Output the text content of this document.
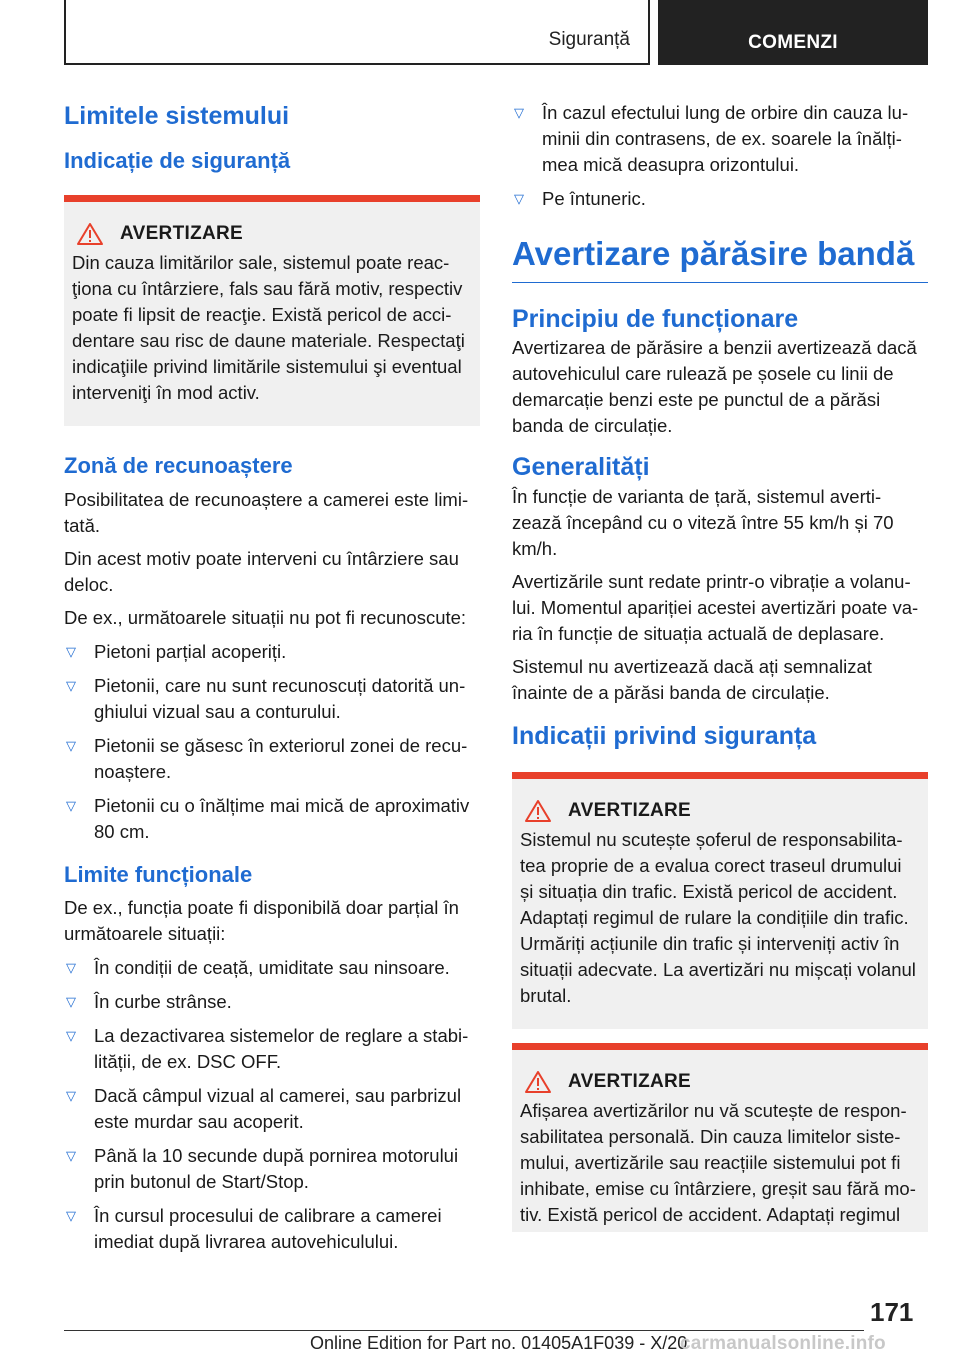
Siguranță	COMENZI
Limitele sistemului
Indicație de siguranță
AVERTIZARE

Din cauza limitărilor sale, sistemul poate reac-ţiona cu întârziere, fals sau fără motiv, respectiv poate fi lipsit de reacţie. Există pericol de acci-dentare sau risc de daune materiale. Respectaţi indicaţiile privind limitările sistemului şi eventual interveniţi în mod activ.

Zonă de recunoaștere

Posibilitatea de recunoaștere a camerei este limi-tată.

Din acest motiv poate interveni cu întârziere sau deloc.

De ex., următoarele situații nu pot fi recunoscute:

▽ Pietoni parțial acoperiți.
▽ Pietonii, care nu sunt recunoscuți datorită un-ghiului vizual sau a conturului.
▽ Pietonii se găsesc în exteriorul zonei de recu-noaștere.
▽ Pietonii cu o înălțime mai mică de aproximativ 80 cm.
Limite funcționale

De ex., funcția poate fi disponibilă doar parțial în următoarele situații:

▽ În condiții de ceață, umiditate sau ninsoare.
▽ În curbe strânse.
▽ La dezactivarea sistemelor de reglare a stabi-lității, de ex. DSC OFF.
▽ Dacă câmpul vizual al camerei, sau parbrizul este murdar sau acoperit.
▽ Până la 10 secunde după pornirea motorului prin butonul de Start/Stop.
▽ În cursul procesului de calibrare a camerei imediat după livrarea autovehiculului.
▽ În cazul efectului lung de orbire din cauza lu-minii din contrasens, de ex. soarele la înălți-mea mică deasupra orizontului.
▽ Pe întuneric.
Avertizare părăsire bandă
Principiu de funcționare

Avertizarea de părăsire a benzii avertizează dacă autovehiculul care rulează pe șosele cu linii de demarcație benzi este pe punctul de a părăsi banda de circulație.

Generalități

În funcție de varianta de țară, sistemul averti-zează începând cu o viteză între 55 km/h și 70 km/h.

Avertizările sunt redate printr-o vibrație a volanu-lui. Momentul apariției acestei avertizări poate va-ria în funcție de situația actuală de deplasare.

Sistemul nu avertizează dacă ați semnalizat înainte de a părăsi banda de circulație.

Indicații privind siguranța
AVERTIZARE

Sistemul nu scutește șoferul de responsabilita-tea proprie de a evalua corect traseul drumului și situația din trafic. Există pericol de accident. Adaptați regimul de rulare la condițiile din trafic. Urmăriți acțiunile din trafic și interveniți activ în situații adecvate. La avertizări nu mișcați volanul brutal.

AVERTIZARE

Afișarea avertizărilor nu vă scutește de respon-sabilitatea personală. Din cauza limitelor siste-mului, avertizările sau reacțiile sistemului pot fi inhibate, emise cu întârziere, greșit sau fără mo-tiv. Există pericol de accident. Adaptați regimul

171
Online Edition for Part no. 01405A1F039 - X/20
carmanualsonline.info
